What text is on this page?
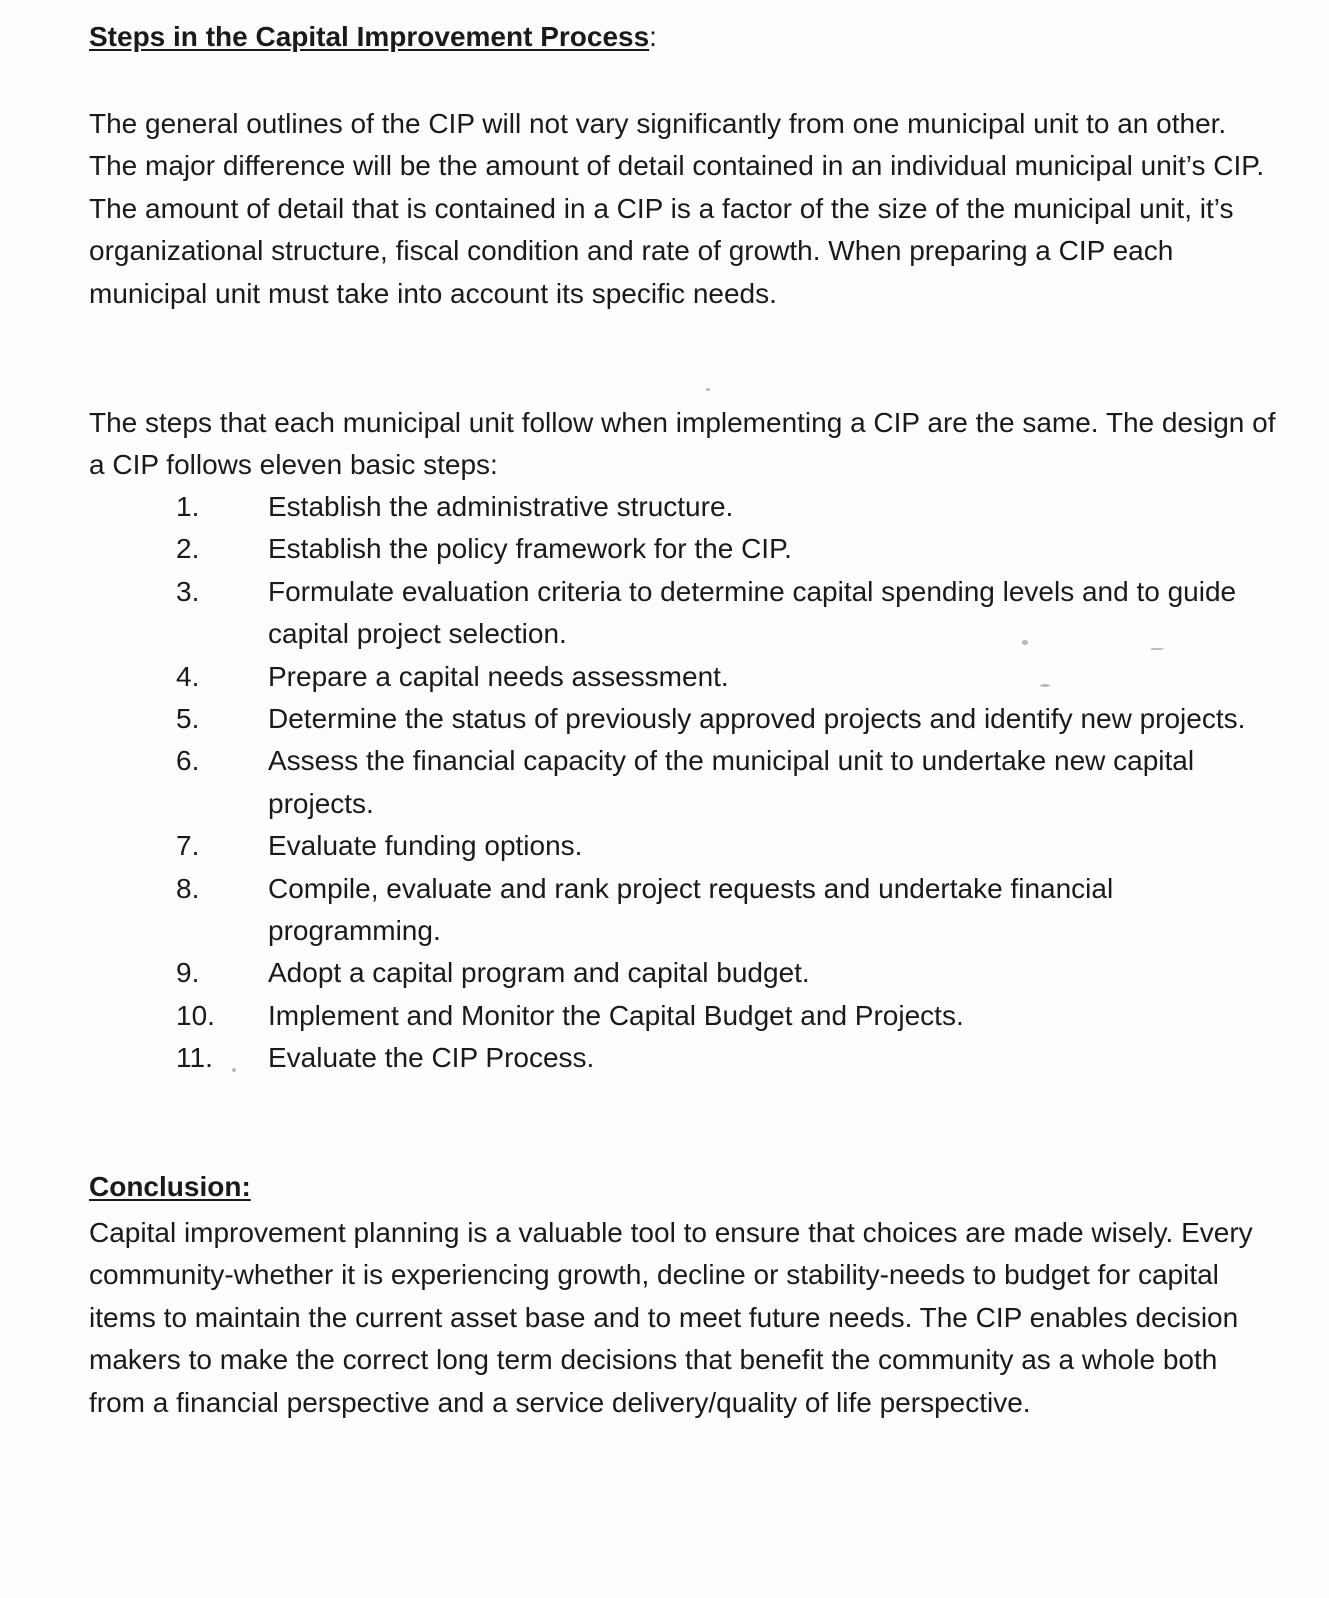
Steps in the Capital Improvement Process:

The general outlines of the CIP will not vary significantly from one municipal unit to an other. The major difference will be the amount of detail contained in an individual municipal unit’s CIP. The amount of detail that is contained in a CIP is a factor of the size of the municipal unit, it’s organizational structure, fiscal condition and rate of growth. When preparing a CIP each municipal unit must take into account its specific needs.

The steps that each municipal unit follow when implementing a CIP are the same. The design of a CIP follows eleven basic steps:

1. Establish the administrative structure.
2. Establish the policy framework for the CIP.
3. Formulate evaluation criteria to determine capital spending levels and to guide capital project selection.
4. Prepare a capital needs assessment.
5. Determine the status of previously approved projects and identify new projects.
6. Assess the financial capacity of the municipal unit to undertake new capital projects.
7. Evaluate funding options.
8. Compile, evaluate and rank project requests and undertake financial programming.
9. Adopt a capital program and capital budget.
10. Implement and Monitor the Capital Budget and Projects.
11. Evaluate the CIP Process.
Conclusion:

Capital improvement planning is a valuable tool to ensure that choices are made wisely. Every community-whether it is experiencing growth, decline or stability-needs to budget for capital items to maintain the current asset base and to meet future needs. The CIP enables decision makers to make the correct long term decisions that benefit the community as a whole both from a financial perspective and a service delivery/quality of life perspective.
